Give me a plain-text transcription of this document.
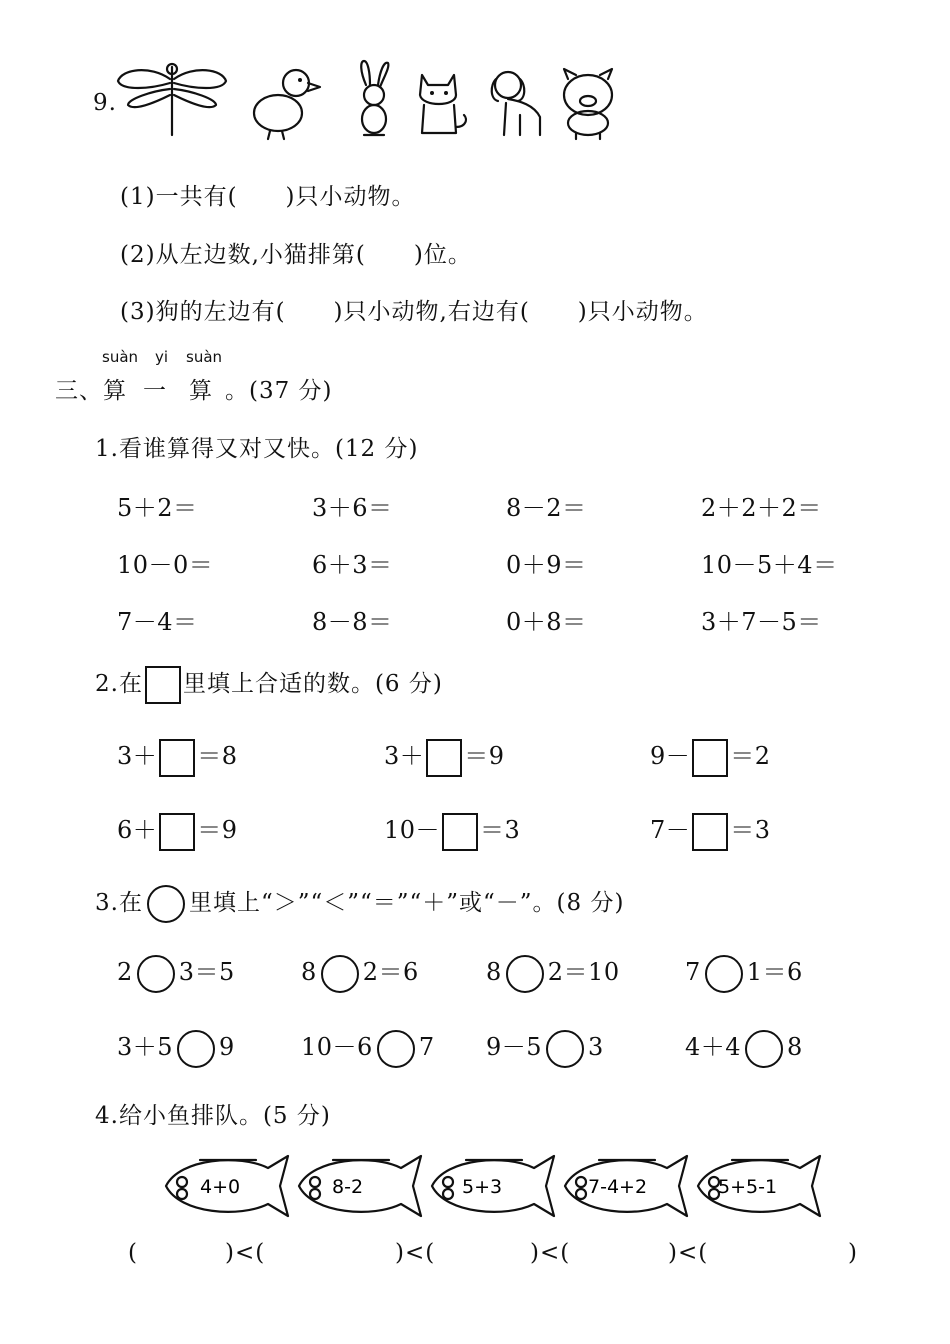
9.
(1)一共有(　　)只小动物。
(2)从左边数,小猫排第(　　)位。
(3)狗的左边有(　　)只小动物,右边有(　　)只小动物。
suàn yi suàn
三、算 一 算 。(37 分)
1.看谁算得又对又快。(12 分)
5＋2＝	3＋6＝	8－2＝	2＋2＋2＝
10－0＝	6＋3＝	0＋9＝	10－5＋4＝
7－4＝	8－8＝	0＋8＝	3＋7－5＝
2.在 里填上合适的数。(6 分)
3＋ ＝8	3＋ ＝9	9－ ＝2
6＋ ＝9	10－ ＝3	7－ ＝3
3.在 里填上“＞”“＜”“＝”“＋”或“－”。(8 分)
2 3＝5	8 2＝6	8 2＝10	7 1＝6
3＋5 9	10－6 7 9－5 3	4＋4 8
4.给小鱼排队。(5 分)
4+0	8-2	5+3	7-4+2	5+5-1
(	)<(	)<(	)<(	)<(	)
